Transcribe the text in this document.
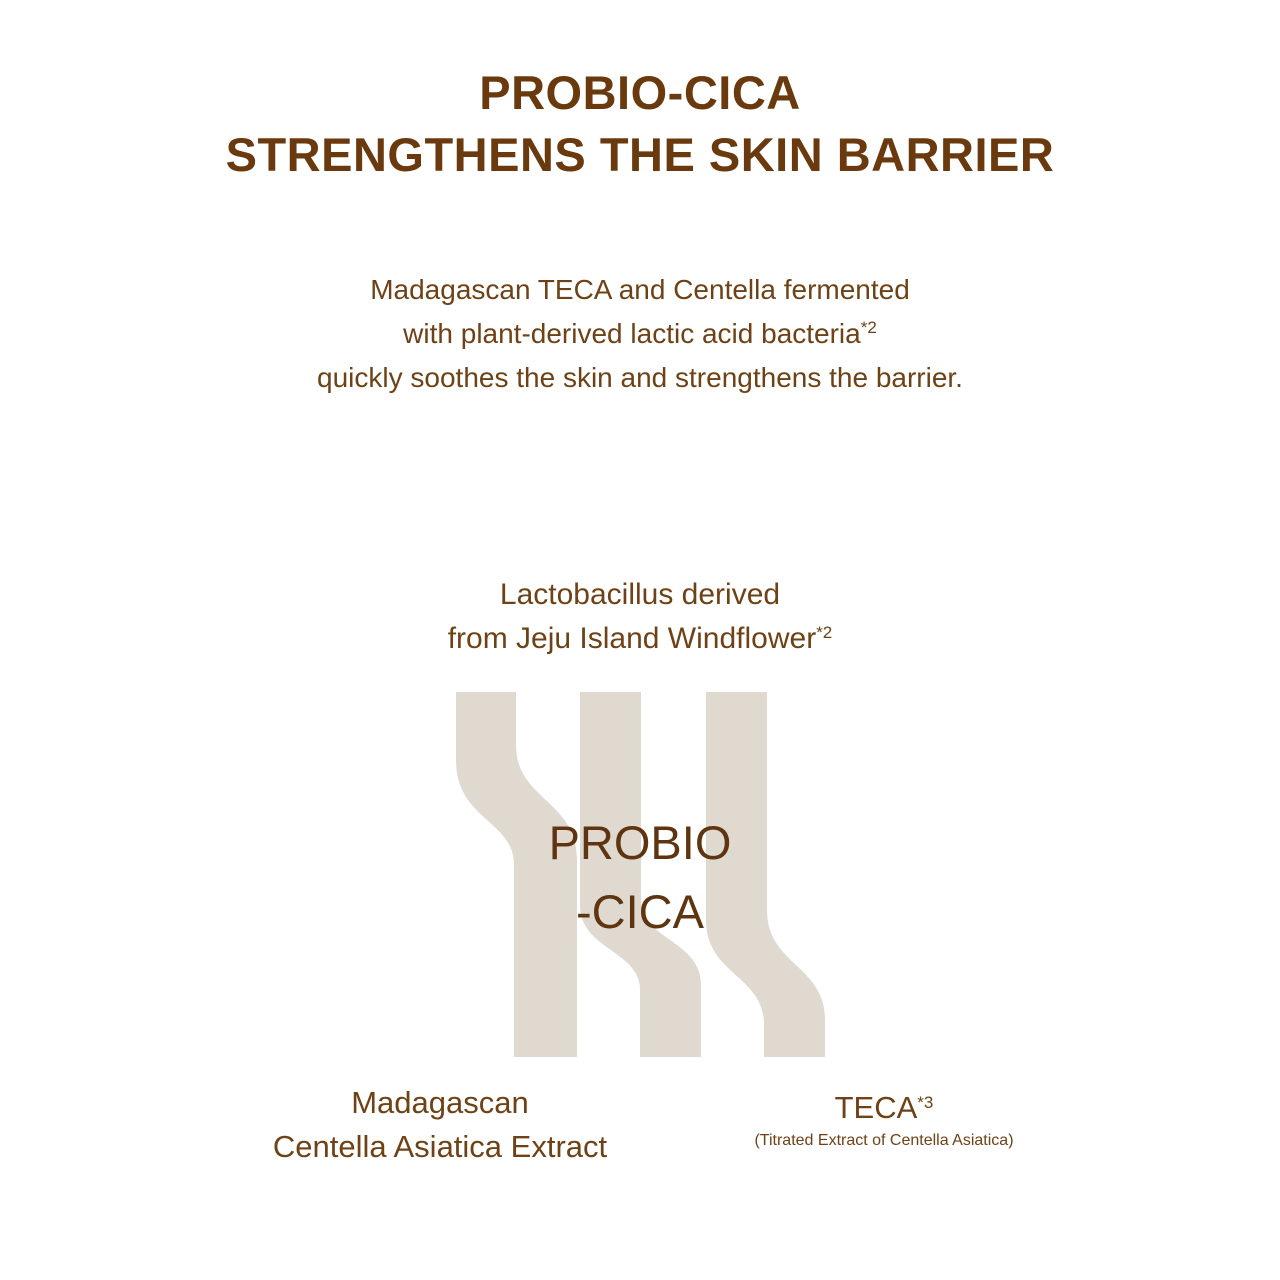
PROBIO-CICA
STRENGTHENS THE SKIN BARRIER
Madagascan TECA and Centella fermented
with plant-derived lactic acid bacteria$^{*2}$
quickly soothes the skin and strengthens the barrier.
Lactobacillus derived
from Jeju Island Windflower$^{*2}$
PROBIO
-CICA
Madagascan
Centella Asiatica Extract
TECA$^{*3}$
(Titrated Extract of Centella Asiatica)
